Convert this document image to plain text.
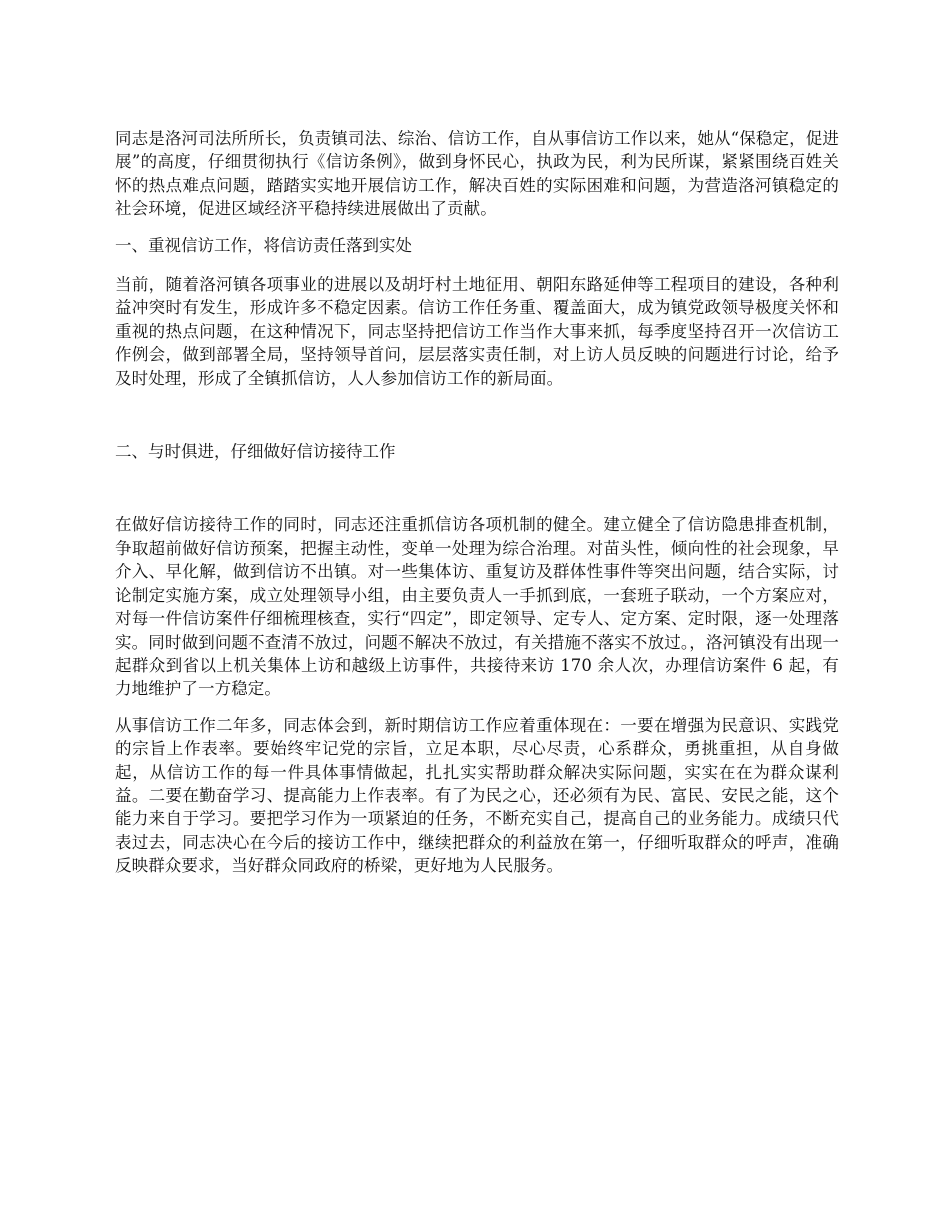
同志是洛河司法所所长，负责镇司法、综治、信访工作，自从事信访工作以来，她从“保稳定，促进展”的高度，仔细贯彻执行《信访条例》，做到身怀民心，执政为民，利为民所谋，紧紧围绕百姓关怀的热点难点问题，踏踏实实地开展信访工作，解决百姓的实际困难和问题，为营造洛河镇稳定的社会环境，促进区域经济平稳持续进展做出了贡献。

一、重视信访工作，将信访责任落到实处

当前，随着洛河镇各项事业的进展以及胡圩村土地征用、朝阳东路延伸等工程项目的建设，各种利益冲突时有发生，形成许多不稳定因素。信访工作任务重、覆盖面大，成为镇党政领导极度关怀和重视的热点问题，在这种情况下，同志坚持把信访工作当作大事来抓，每季度坚持召开一次信访工作例会，做到部署全局，坚持领导首问，层层落实责任制，对上访人员反映的问题进行讨论，给予及时处理，形成了全镇抓信访，人人参加信访工作的新局面。

二、与时俱进，仔细做好信访接待工作

在做好信访接待工作的同时，同志还注重抓信访各项机制的健全。建立健全了信访隐患排查机制，争取超前做好信访预案，把握主动性，变单一处理为综合治理。对苗头性，倾向性的社会现象，早介入、早化解，做到信访不出镇。对一些集体访、重复访及群体性事件等突出问题，结合实际，讨论制定实施方案，成立处理领导小组，由主要负责人一手抓到底，一套班子联动，一个方案应对，对每一件信访案件仔细梳理核查，实行“四定”，即定领导、定专人、定方案、定时限，逐一处理落实。同时做到问题不查清不放过，问题不解决不放过，有关措施不落实不放过。，洛河镇没有出现一起群众到省以上机关集体上访和越级上访事件，共接待来访 170 余人次，办理信访案件 6 起，有力地维护了一方稳定。

从事信访工作二年多，同志体会到，新时期信访工作应着重体现在：一要在增强为民意识、实践党的宗旨上作表率。要始终牢记党的宗旨，立足本职，尽心尽责，心系群众，勇挑重担，从自身做起，从信访工作的每一件具体事情做起，扎扎实实帮助群众解决实际问题，实实在在为群众谋利益。二要在勤奋学习、提高能力上作表率。有了为民之心，还必须有为民、富民、安民之能，这个能力来自于学习。要把学习作为一项紧迫的任务，不断充实自己，提高自己的业务能力。成绩只代表过去，同志决心在今后的接访工作中，继续把群众的利益放在第一，仔细听取群众的呼声，准确反映群众要求，当好群众同政府的桥梁，更好地为人民服务。
